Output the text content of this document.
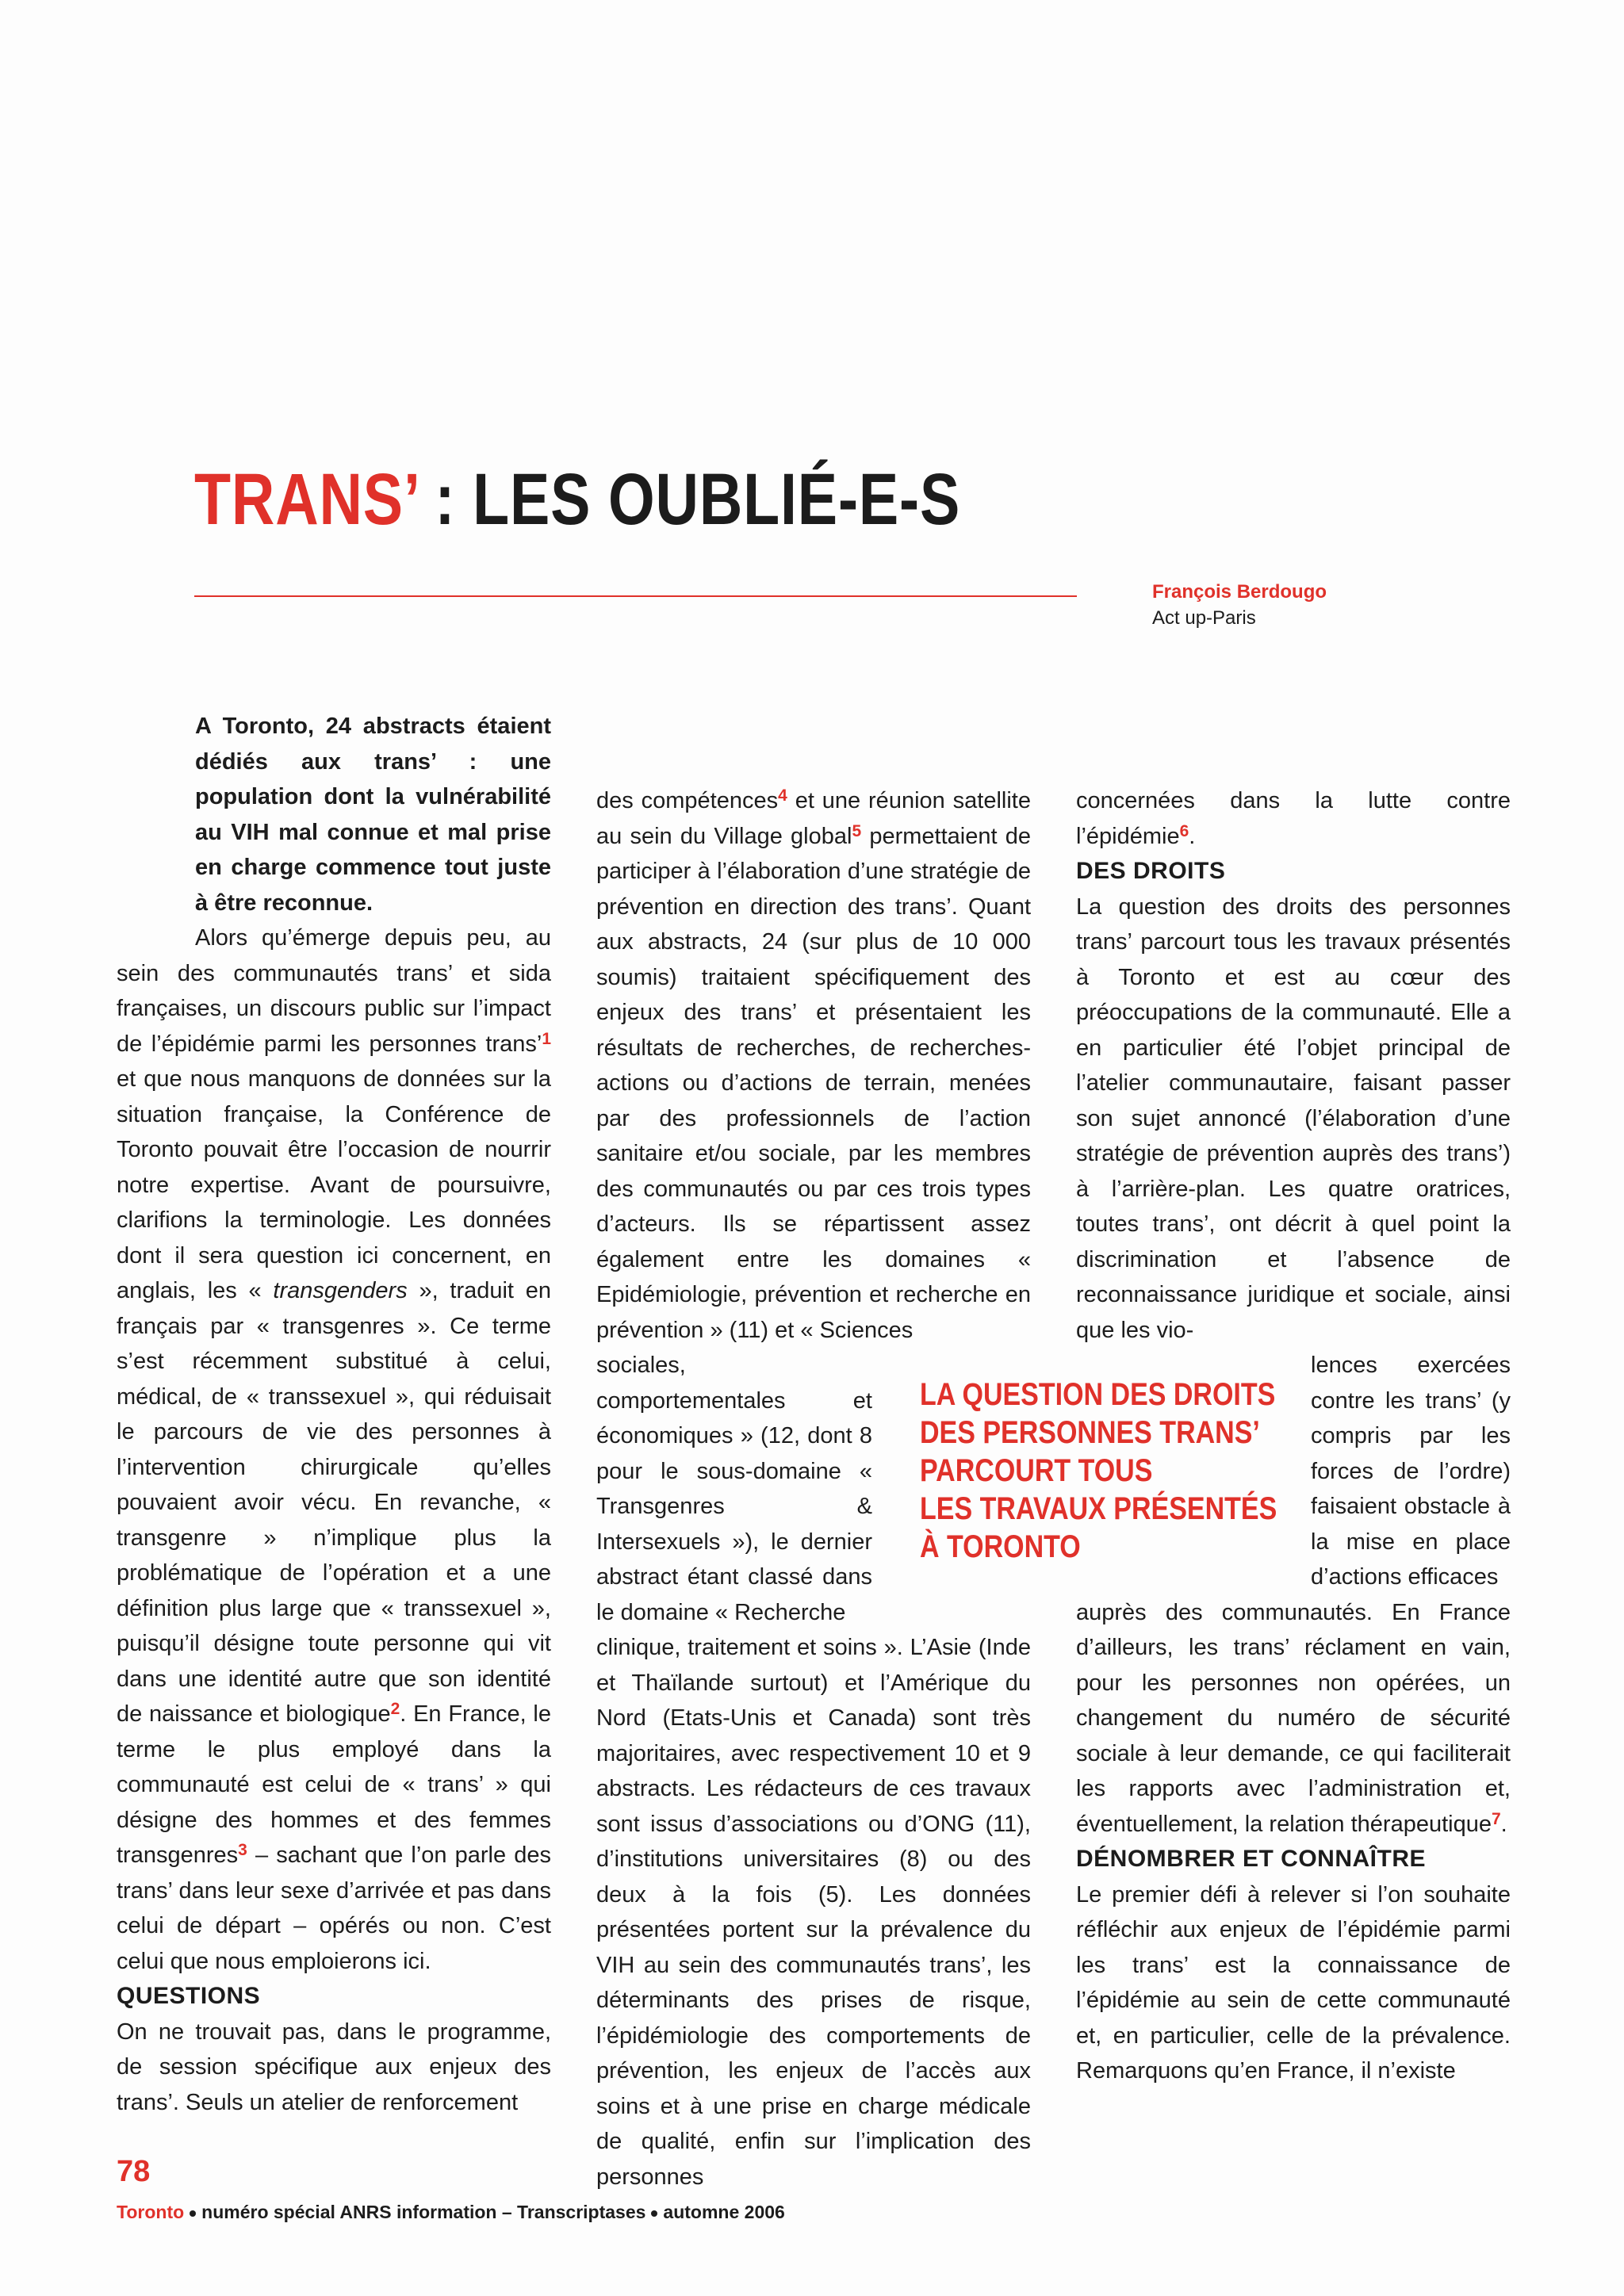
TRANS’ : LES OUBLIÉ-E-S
François Berdougo
Act up-Paris

A Toronto, 24 abstracts étaient dédiés aux trans’ : une population dont la vulnérabilité au VIH mal connue et mal prise en charge commence tout juste à être reconnue.

Alors qu’émerge depuis peu, au sein des communautés trans’ et sida françaises, un discours public sur l’impact de l’épidémie parmi les personnes trans’$^1$ et que nous manquons de données sur la situation française, la Conférence de Toronto pouvait être l’occasion de nourrir notre expertise. Avant de poursuivre, clarifions la terminologie. Les données dont il sera question ici concernent, en anglais, les « transgenders », traduit en français par « transgenres ». Ce terme s’est récemment substitué à celui, médical, de « transsexuel », qui réduisait le parcours de vie des personnes à l’intervention chirurgicale qu’elles pouvaient avoir vécu. En revanche, « transgenre » n’implique plus la problématique de l’opération et a une définition plus large que « transsexuel », puisqu’il désigne toute personne qui vit dans une identité autre que son identité de naissance et biologique$^2$. En France, le terme le plus employé dans la communauté est celui de « trans’ » qui désigne des hommes et des femmes transgenres$^3$ – sachant que l’on parle des trans’ dans leur sexe d’arrivée et pas dans celui de départ – opérés ou non. C’est celui que nous emploierons ici.

QUESTIONS

On ne trouvait pas, dans le programme, de session spécifique aux enjeux des trans’. Seuls un atelier de renforcement

des compétences$^4$ et une réunion satellite au sein du Village global$^5$ permettaient de participer à l’élaboration d’une stratégie de prévention en direction des trans’. Quant aux abstracts, 24 (sur plus de 10 000 soumis) traitaient spécifiquement des enjeux des trans’ et présentaient les résultats de recherches, de recherches-actions ou d’actions de terrain, menées par des professionnels de l’action sanitaire et/ou sociale, par les membres des communautés ou par ces trois types d’acteurs. Ils se répartissent assez également entre les domaines « Epidémiologie, prévention et recherche en prévention » (11) et « Sciences

sociales, comportementales et économiques » (12, dont 8 pour le sous-domaine « Transgenres & Intersexuels »), le dernier abstract étant classé dans le domaine « Recherche

clinique, traitement et soins ». L’Asie (Inde et Thaïlande surtout) et l’Amérique du Nord (Etats-Unis et Canada) sont très majoritaires, avec respectivement 10 et 9 abstracts. Les rédacteurs de ces travaux sont issus d’associations ou d’ONG (11), d’institutions universitaires (8) ou des deux à la fois (5). Les données présentées portent sur la prévalence du VIH au sein des communautés trans’, les déterminants des prises de risque, l’épidémiologie des comportements de prévention, les enjeux de l’accès aux soins et à une prise en charge médicale de qualité, enfin sur l’implication des personnes

concernées dans la lutte contre l’épidémie$^6$.

DES DROITS

La question des droits des personnes trans’ parcourt tous les travaux présentés à Toronto et est au cœur des préoccupations de la communauté. Elle a en particulier été l’objet principal de l’atelier communautaire, faisant passer son sujet annoncé (l’élaboration d’une stratégie de prévention auprès des trans’) à l’arrière-plan. Les quatre oratrices, toutes trans’, ont décrit à quel point la discrimination et l’absence de reconnaissance juridique et sociale, ainsi que les vio-

lences exercées contre les trans’ (y compris par les forces de l’ordre) faisaient obstacle à la mise en place d’actions efficaces

auprès des communautés. En France d’ailleurs, les trans’ réclament en vain, pour les personnes non opérées, un changement du numéro de sécurité sociale à leur demande, ce qui faciliterait les rapports avec l’administration et, éventuellement, la relation thérapeutique$^7$.

DÉNOMBRER ET CONNAÎTRE

Le premier défi à relever si l’on souhaite réfléchir aux enjeux de l’épidémie parmi les trans’ est la connaissance de l’épidémie au sein de cette communauté et, en particulier, celle de la prévalence. Remarquons qu’en France, il n’existe

LA QUESTION DES DROITS
DES PERSONNES TRANS’
PARCOURT TOUS
LES TRAVAUX PRÉSENTÉS
À TORONTO
78
Toronto numéro spécial ANRS information – Transcriptases automne 2006
